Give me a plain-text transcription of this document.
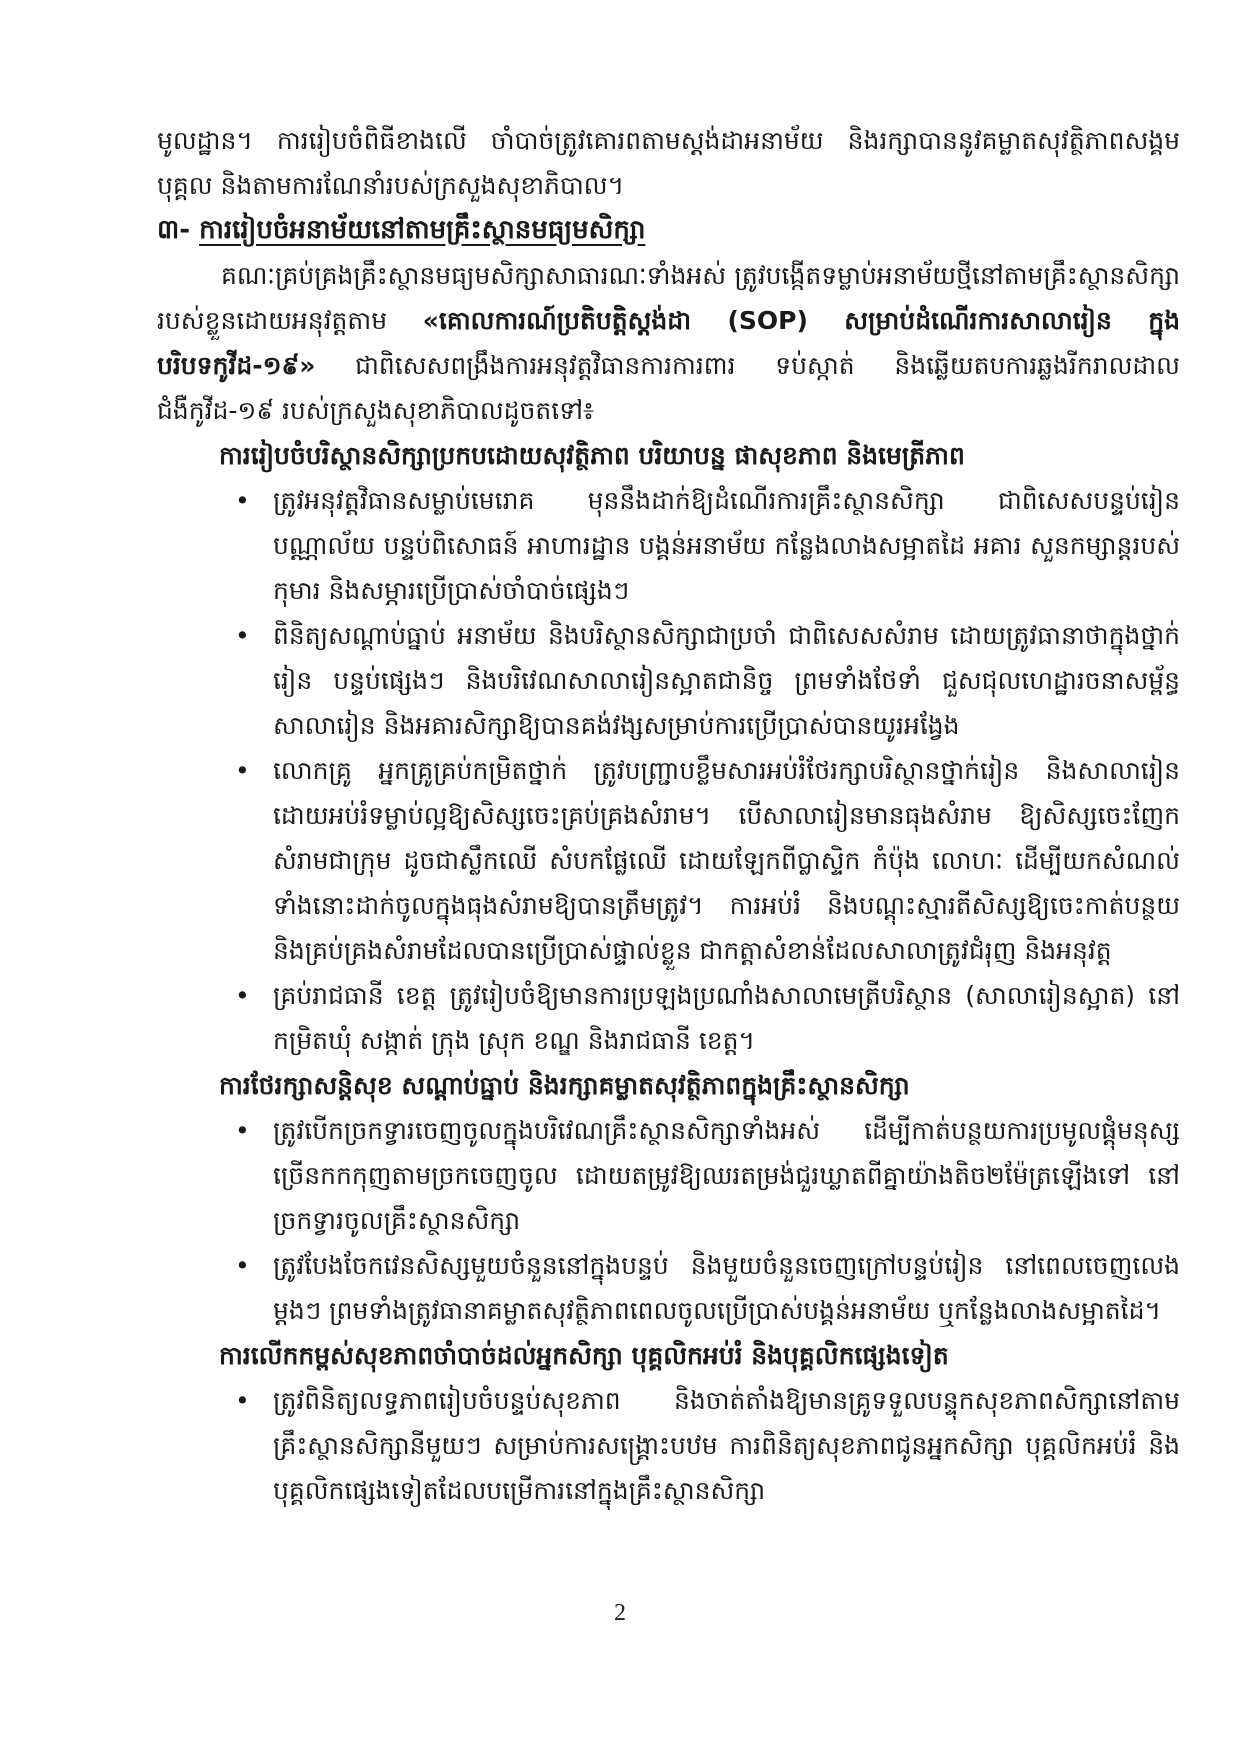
មូលដ្ឋាន។ ការរៀបចំពិធីខាងលើ ចាំបាច់ត្រូវគោរពតាមស្តង់ដាអនាម័យ និងរក្សាបាននូវគម្លាតសុវត្ថិភាពសង្គម បុគ្គល និងតាមការណែនាំរបស់ក្រសួងសុខាភិបាល។

៣- ការរៀបចំអនាម័យនៅតាមគ្រឹះស្ថានមធ្យមសិក្សា

គណៈគ្រប់គ្រងគ្រឹះស្ថានមធ្យមសិក្សាសាធារណៈទាំងអស់ ត្រូវបង្កើតទម្លាប់អនាម័យថ្មីនៅតាមគ្រឹះស្ថានសិក្សារបស់ខ្លួនដោយអនុវត្តតាម «គោលការណ៍ប្រតិបត្តិស្តង់ដា (SOP) សម្រាប់ដំណើរការសាលារៀន ក្នុងបរិបទកូវីដ-១៩» ជាពិសេសពង្រឹងការអនុវត្តវិធានការការពារ ទប់ស្កាត់ និងឆ្លើយតបការឆ្លងរីករាលដាលជំងឺកូវីដ-១៩ របស់ក្រសួងសុខាភិបាលដូចតទៅ៖

ការរៀបចំបរិស្ថានសិក្សាប្រកបដោយសុវត្ថិភាព បរិយាបន្ន ផាសុខភាព និងមេត្រីភាព

• ត្រូវអនុវត្តវិធានសម្លាប់មេរោគ មុននឹងដាក់ឱ្យដំណើរការគ្រឹះស្ថានសិក្សា ជាពិសេសបន្ទប់រៀន បណ្ណាល័យ បន្ទប់ពិសោធន៍ អាហារដ្ឋាន បង្គន់អនាម័យ កន្លែងលាងសម្អាតដៃ អគារ សួនកម្សាន្តរបស់កុមារ និងសម្ភារប្រើប្រាស់ចាំបាច់ផ្សេងៗ
• ពិនិត្យសណ្តាប់ធ្នាប់ អនាម័យ និងបរិស្ថានសិក្សាជាប្រចាំ ជាពិសេសសំរាម ដោយត្រូវធានាថាក្នុងថ្នាក់រៀន បន្ទប់ផ្សេងៗ និងបរិវេណសាលារៀនស្អាតជានិច្ច ព្រមទាំងថែទាំ ជួសជុលហេដ្ឋារចនាសម្ព័ន្ធសាលារៀន និងអគារសិក្សាឱ្យបានគង់វង្សសម្រាប់ការប្រើប្រាស់បានយូរអង្វែង
• លោកគ្រូ អ្នកគ្រូគ្រប់កម្រិតថ្នាក់ ត្រូវបញ្ជ្រាបខ្លឹមសារអប់រំថែរក្សាបរិស្ថានថ្នាក់រៀន និងសាលារៀន ដោយអប់រំទម្លាប់ល្អឱ្យសិស្សចេះគ្រប់គ្រងសំរាម។ បើសាលារៀនមានធុងសំរាម ឱ្យសិស្សចេះញែកសំរាមជាក្រុម ដូចជាស្លឹកឈើ សំបកផ្លែឈើ ដោយឡែកពីប្លាស្ទិក កំប៉ុង លោហៈ ដើម្បីយកសំណល់ទាំងនោះដាក់ចូលក្នុងធុងសំរាមឱ្យបានត្រឹមត្រូវ។ ការអប់រំ និងបណ្តុះស្មារតីសិស្សឱ្យចេះកាត់បន្ថយ និងគ្រប់គ្រងសំរាមដែលបានប្រើប្រាស់ផ្ទាល់ខ្លួន ជាកត្តាសំខាន់ដែលសាលាត្រូវជំរុញ និងអនុវត្ត
• គ្រប់រាជធានី ខេត្ត ត្រូវរៀបចំឱ្យមានការប្រឡងប្រណាំងសាលាមេត្រីបរិស្ថាន (សាលារៀនស្អាត) នៅកម្រិតឃុំ សង្កាត់ ក្រុង ស្រុក ខណ្ឌ និងរាជធានី ខេត្ត។

ការថែរក្សាសន្តិសុខ សណ្តាប់ធ្នាប់ និងរក្សាគម្លាតសុវត្ថិភាពក្នុងគ្រឹះស្ថានសិក្សា

• ត្រូវបើកច្រកទ្វារចេញចូលក្នុងបរិវេណគ្រឹះស្ថានសិក្សាទាំងអស់ ដើម្បីកាត់បន្ថយការប្រមូលផ្តុំមនុស្សច្រើនកកកុញតាមច្រកចេញចូល ដោយតម្រូវឱ្យឈរតម្រង់ជួរឃ្លាតពីគ្នាយ៉ាងតិច២ម៉ែត្រឡើងទៅ នៅច្រកទ្វារចូលគ្រឹះស្ថានសិក្សា
• ត្រូវបែងចែកវេនសិស្សមួយចំនួននៅក្នុងបន្ទប់ និងមួយចំនួនចេញក្រៅបន្ទប់រៀន នៅពេលចេញលេងម្តងៗ ព្រមទាំងត្រូវធានាគម្លាតសុវត្ថិភាពពេលចូលប្រើប្រាស់បង្គន់អនាម័យ ឬកន្លែងលាងសម្អាតដៃ។

ការលើកកម្ពស់សុខភាពចាំបាច់ដល់អ្នកសិក្សា បុគ្គលិកអប់រំ និងបុគ្គលិកផ្សេងទៀត

• ត្រូវពិនិត្យលទ្ធភាពរៀបចំបន្ទប់សុខភាព និងចាត់តាំងឱ្យមានគ្រូទទួលបន្ទុកសុខភាពសិក្សានៅតាមគ្រឹះស្ថានសិក្សានីមួយៗ សម្រាប់ការសង្គ្រោះបឋម ការពិនិត្យសុខភាពជូនអ្នកសិក្សា បុគ្គលិកអប់រំ និងបុគ្គលិកផ្សេងទៀតដែលបម្រើការនៅក្នុងគ្រឹះស្ថានសិក្សា
2
